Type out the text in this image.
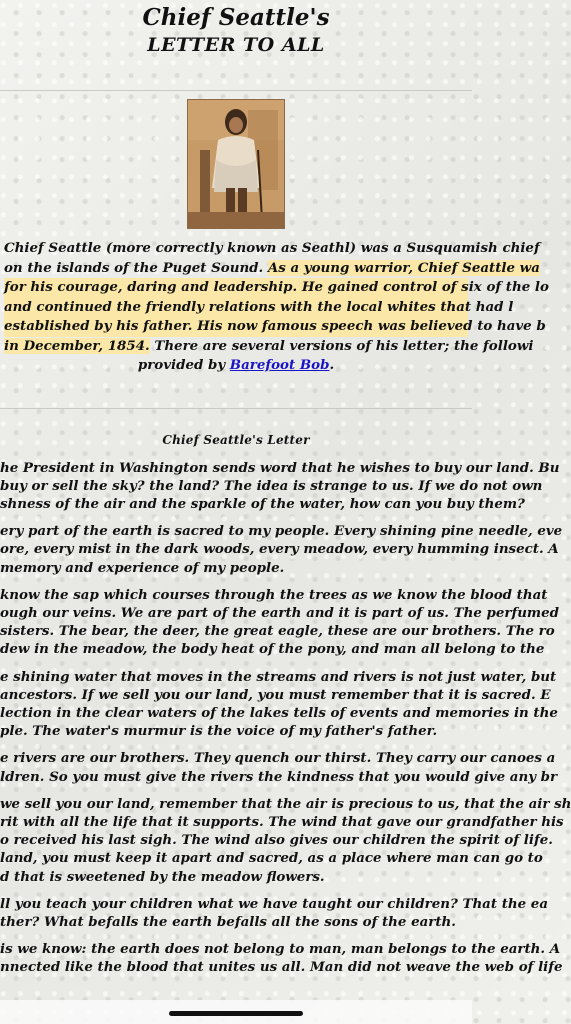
Chief Seattle's
LETTER TO ALL
Chief Seattle (more correctly known as Seathl) was a Susquamish chief
on the islands of the Puget Sound. As a young warrior, Chief Seattle wa
for his courage, daring and leadership. He gained control of six of the lo
and continued the friendly relations with the local whites that had l
established by his father. His now famous speech was believed to have b
in December, 1854. There are several versions of his letter; the followi
provided by Barefoot Bob.
Chief Seattle's Letter
he President in Washington sends word that he wishes to buy our land. Bu
buy or sell the sky? the land? The idea is strange to us. If we do not own
shness of the air and the sparkle of the water, how can you buy them?
ery part of the earth is sacred to my people. Every shining pine needle, eve
ore, every mist in the dark woods, every meadow, every humming insect. A
memory and experience of my people.
know the sap which courses through the trees as we know the blood that
ough our veins. We are part of the earth and it is part of us. The perfumed
sisters. The bear, the deer, the great eagle, these are our brothers. The ro
dew in the meadow, the body heat of the pony, and man all belong to the
e shining water that moves in the streams and rivers is not just water, but
ancestors. If we sell you our land, you must remember that it is sacred. E
lection in the clear waters of the lakes tells of events and memories in the
ple. The water's murmur is the voice of my father's father.
e rivers are our brothers. They quench our thirst. They carry our canoes a
ldren. So you must give the rivers the kindness that you would give any br
we sell you our land, remember that the air is precious to us, that the air sh
rit with all the life that it supports. The wind that gave our grandfather his
o received his last sigh. The wind also gives our children the spirit of life.
land, you must keep it apart and sacred, as a place where man can go to
d that is sweetened by the meadow flowers.
ll you teach your children what we have taught our children? That the ea
ther? What befalls the earth befalls all the sons of the earth.
is we know: the earth does not belong to man, man belongs to the earth. A
nnected like the blood that unites us all. Man did not weave the web of life
